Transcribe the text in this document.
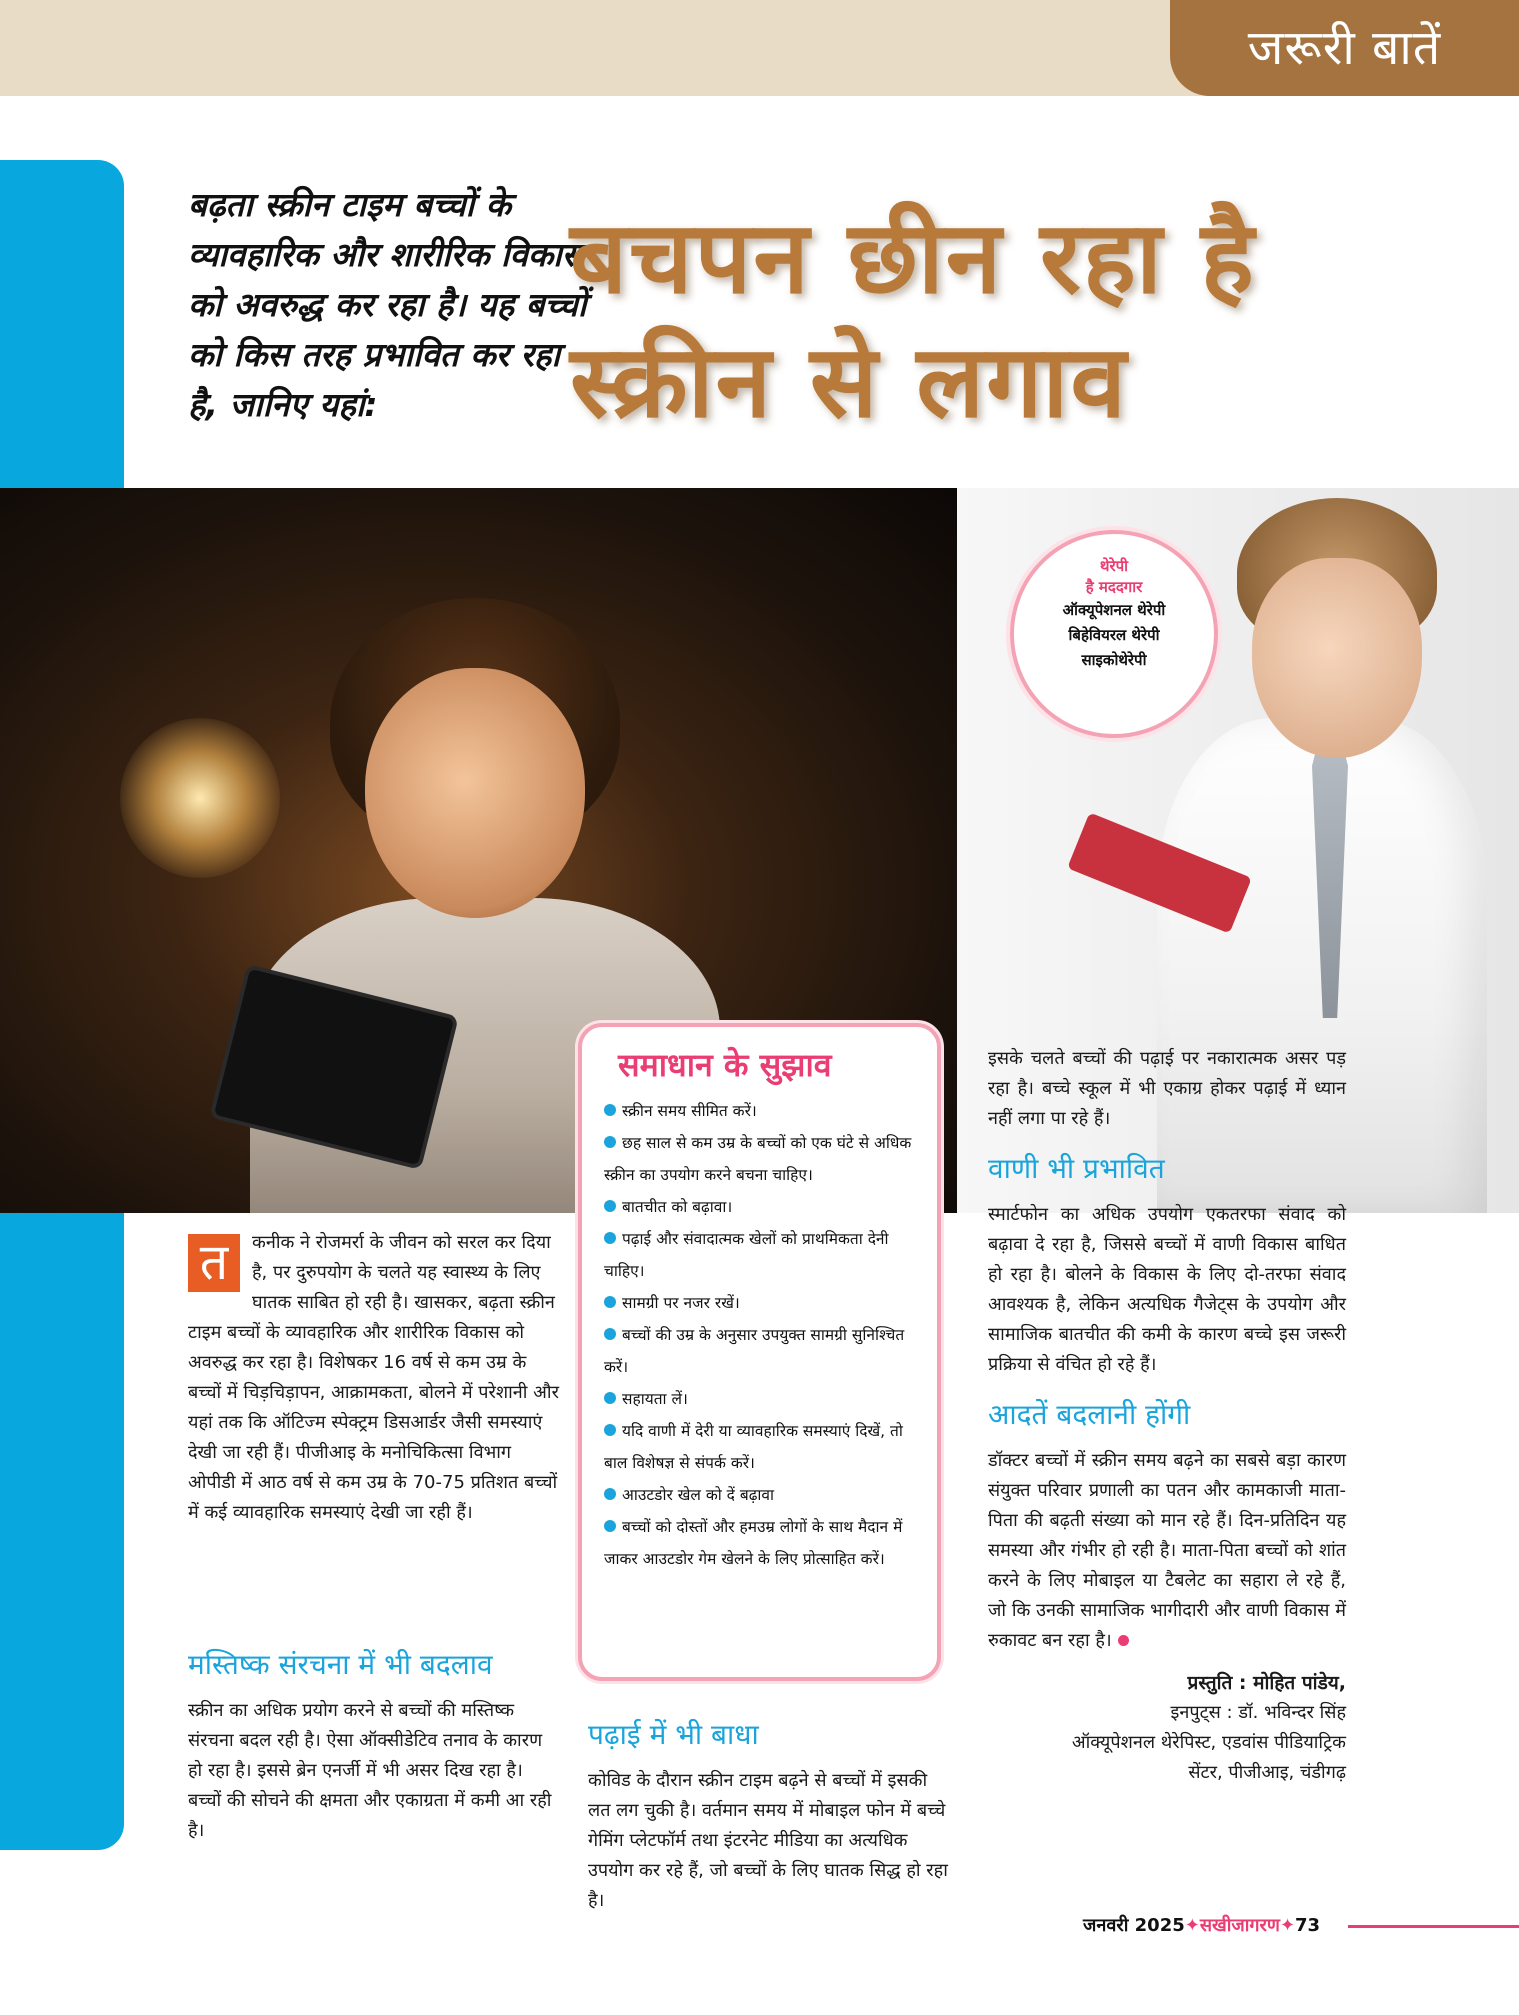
जरूरी बातें
बढ़ता स्क्रीन टाइम बच्चों के व्यावहारिक और शारीरिक विकास को अवरुद्ध कर रहा है। यह बच्चों को किस तरह प्रभावित कर रहा है, जानिए यहां:
बचपन छीन रहा है
स्क्रीन से लगाव
थेरेपी
है मददगार
ऑक्यूपेशनल थेरेपी
बिहेवियरल थेरेपी
साइकोथेरेपी
समाधान के सुझाव
स्क्रीन समय सीमित करें।
छह साल से कम उम्र के बच्चों को एक घंटे से अधिक स्क्रीन का उपयोग करने बचना चाहिए।
बातचीत को बढ़ावा।
पढ़ाई और संवादात्मक खेलों को प्राथमिकता देनी चाहिए।
सामग्री पर नजर रखें।
बच्चों की उम्र के अनुसार उपयुक्त सामग्री सुनिश्चित करें।
सहायता लें।
यदि वाणी में देरी या व्यावहारिक समस्याएं दिखें, तो बाल विशेषज्ञ से संपर्क करें।
आउटडोर खेल को दें बढ़ावा
बच्चों को दोस्तों और हमउम्र लोगों के साथ मैदान में जाकर आउटडोर गेम खेलने के लिए प्रोत्साहित करें।
त	कनीक ने रोजमर्रा के जीवन को सरल कर दिया है, पर दुरुपयोग के चलते यह स्वास्थ्य के लिए घातक साबित हो रही है। खासकर, बढ़ता स्क्रीन टाइम बच्चों के व्यावहारिक और शारीरिक विकास को अवरुद्ध कर रहा है। विशेषकर 16 वर्ष से कम उम्र के बच्चों में चिड़चिड़ापन, आक्रामकता, बोलने में परेशानी और यहां तक कि ऑटिज्म स्पेक्ट्रम डिसआर्डर जैसी समस्याएं देखी जा रही हैं। पीजीआइ के मनोचिकित्सा विभाग ओपीडी में आठ वर्ष से कम उम्र के 70-75 प्रतिशत बच्चों में कई व्यावहारिक समस्याएं देखी जा रही हैं।
मस्तिष्क संरचना में भी बदलाव
स्क्रीन का अधिक प्रयोग करने से बच्चों की मस्तिष्क संरचना बदल रही है। ऐसा ऑक्सीडेटिव तनाव के कारण हो रहा है। इससे ब्रेन एनर्जी में भी असर दिख रहा है। बच्चों की सोचने की क्षमता और एकाग्रता में कमी आ रही है।
पढ़ाई में भी बाधा
कोविड के दौरान स्क्रीन टाइम बढ़ने से बच्चों में इसकी लत लग चुकी है। वर्तमान समय में मोबाइल फोन में बच्चे गेमिंग प्लेटफॉर्म तथा इंटरनेट मीडिया का अत्यधिक उपयोग कर रहे हैं, जो बच्चों के लिए घातक सिद्ध हो रहा है।
इसके चलते बच्चों की पढ़ाई पर नकारात्मक असर पड़ रहा है। बच्चे स्कूल में भी एकाग्र होकर पढ़ाई में ध्यान नहीं लगा पा रहे हैं।
वाणी भी प्रभावित
स्मार्टफोन का अधिक उपयोग एकतरफा संवाद को बढ़ावा दे रहा है, जिससे बच्चों में वाणी विकास बाधित हो रहा है। बोलने के विकास के लिए दो-तरफा संवाद आवश्यक है, लेकिन अत्यधिक गैजेट्स के उपयोग और सामाजिक बातचीत की कमी के कारण बच्चे इस जरूरी प्रक्रिया से वंचित हो रहे हैं।
आदतें बदलानी होंगी
डॉक्टर बच्चों में स्क्रीन समय बढ़ने का सबसे बड़ा कारण संयुक्त परिवार प्रणाली का पतन और कामकाजी माता-पिता की बढ़ती संख्या को मान रहे हैं। दिन-प्रतिदिन यह समस्या और गंभीर हो रही है। माता-पिता बच्चों को शांत करने के लिए मोबाइल या टैबलेट का सहारा ले रहे हैं, जो कि उनकी सामाजिक भागीदारी और वाणी विकास में रुकावट बन रहा है।
प्रस्तुति : मोहित पांडेय,
इनपुट्स : डॉ. भविन्दर सिंह
ऑक्यूपेशनल थेरेपिस्ट, एडवांस पीडियाट्रिक
सेंटर, पीजीआइ, चंडीगढ़
जनवरी 2025✦सखीजागरण✦73
